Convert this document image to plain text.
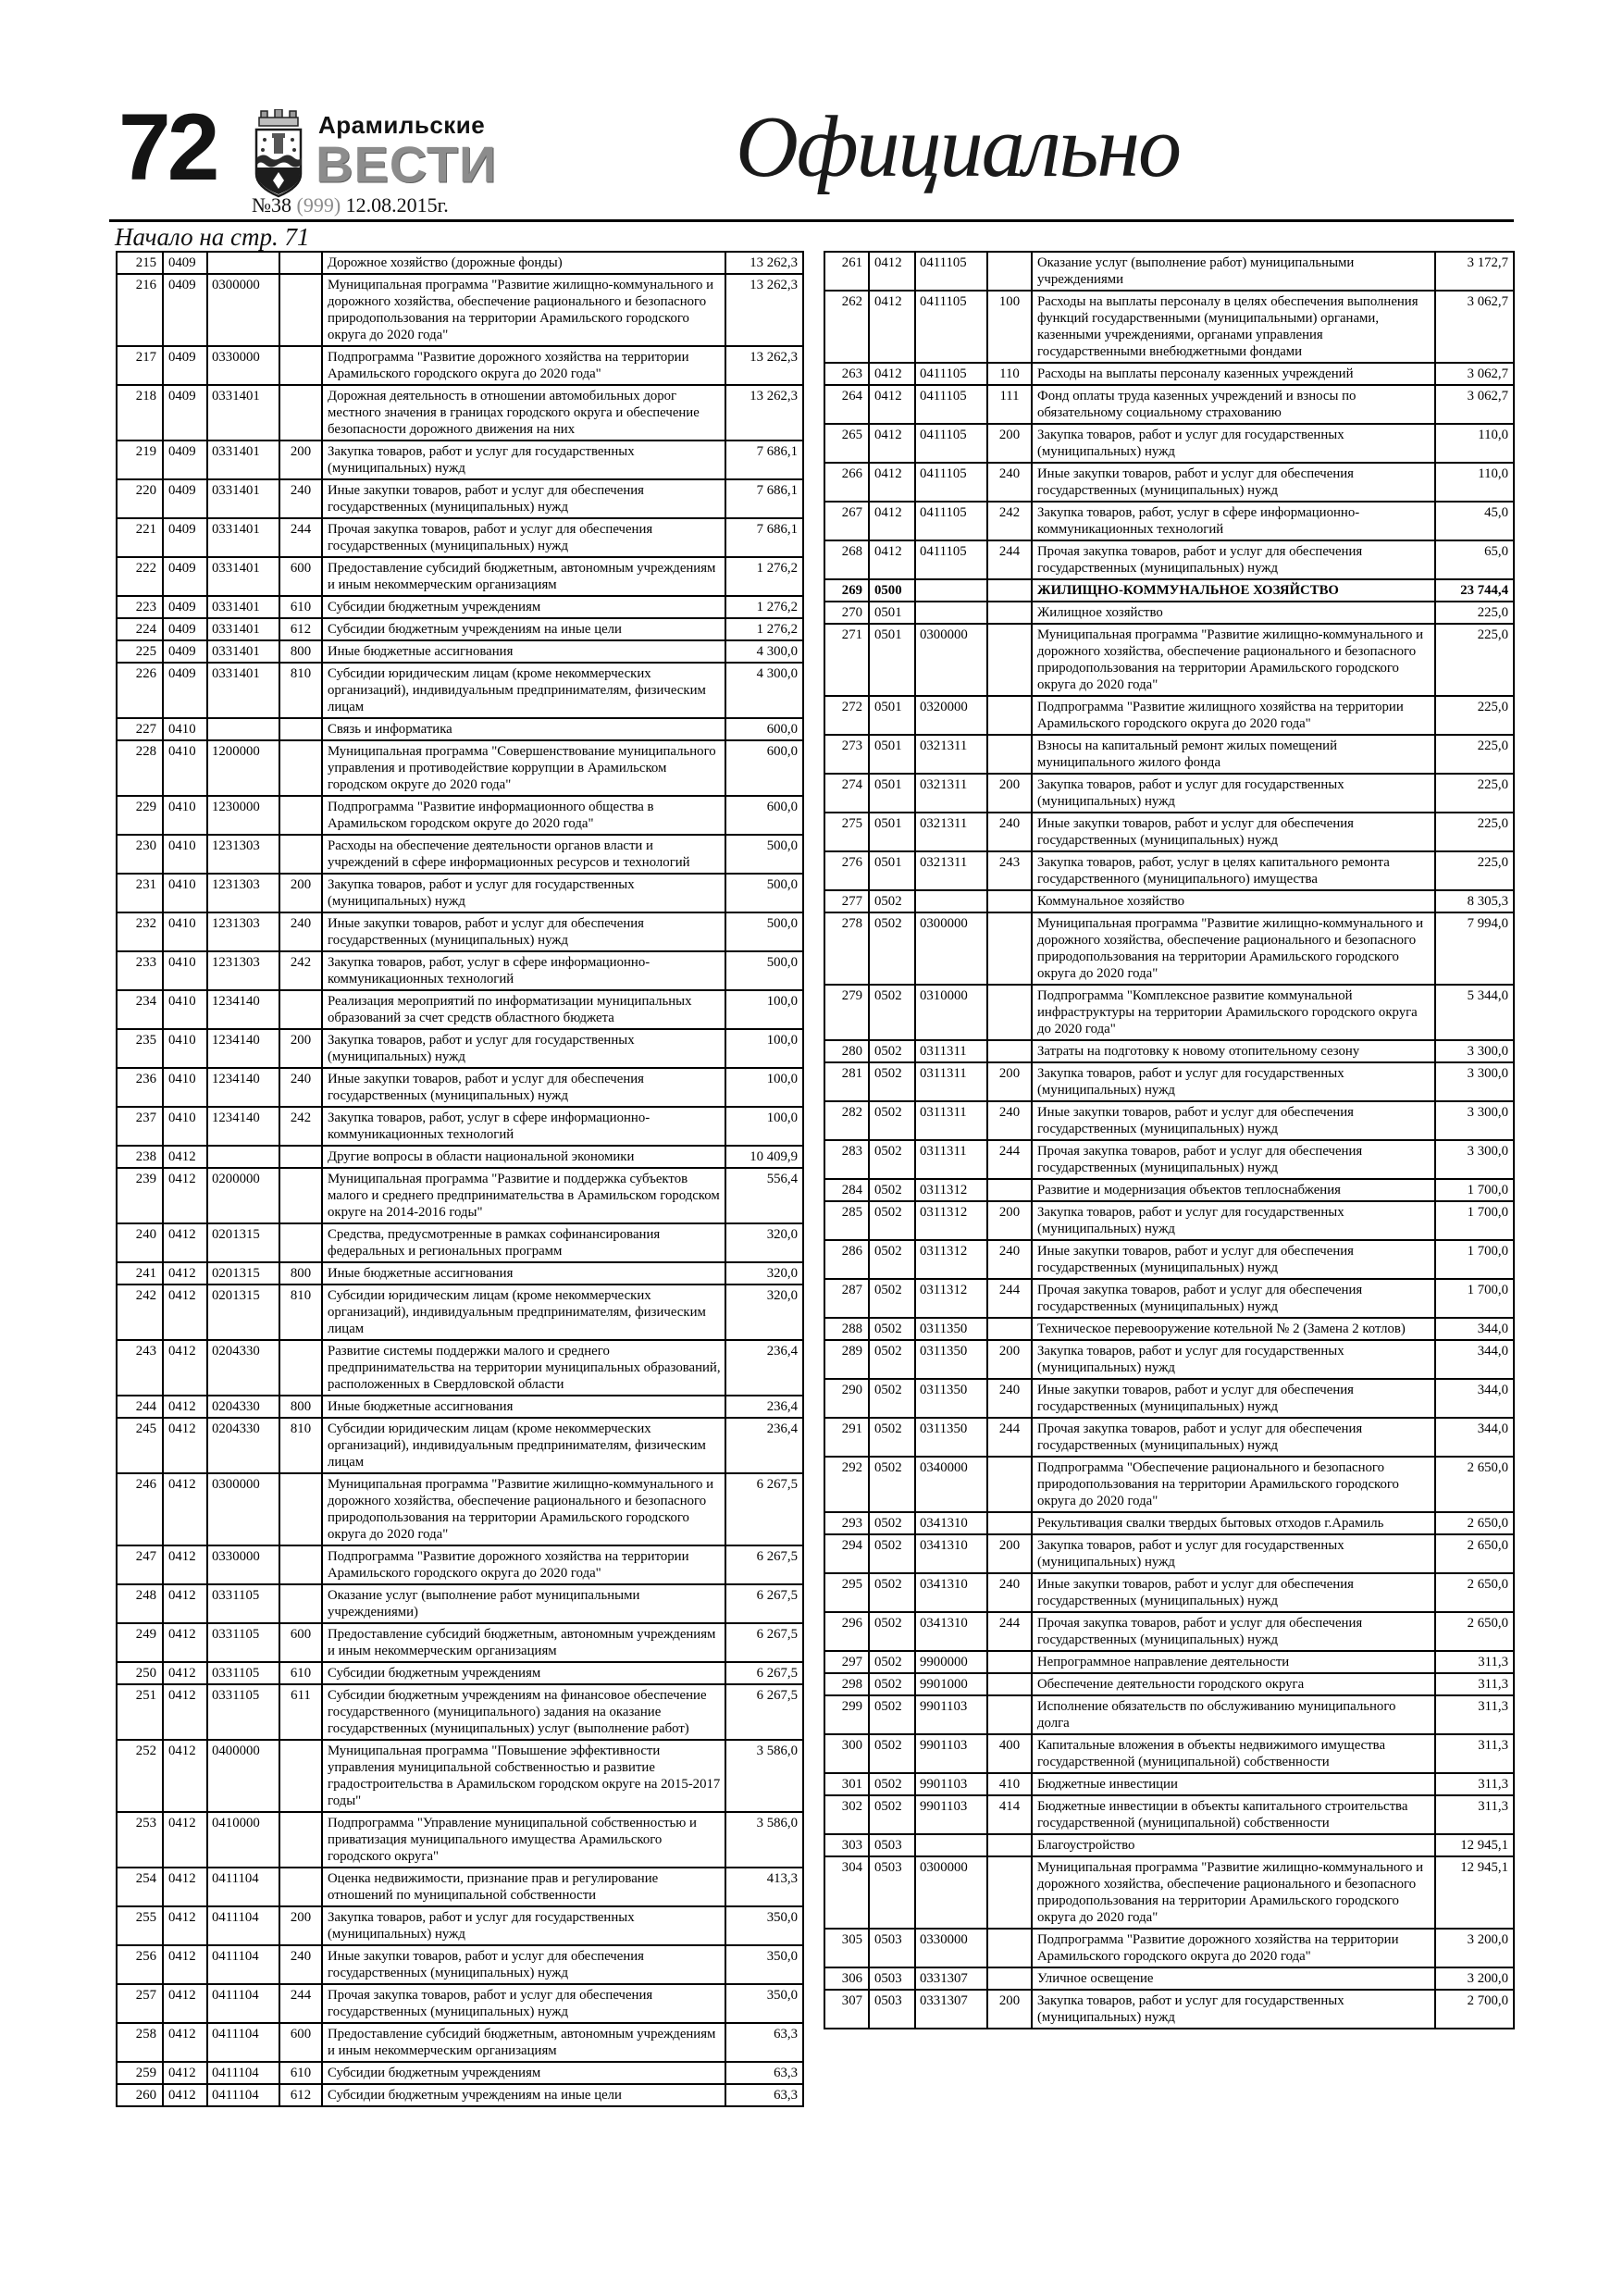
72	Арамильские
ВЕСТИ
№38 (999) 12.08.2015г.
Официально
Начало на стр. 71
215	0409			Дорожное хозяйство (дорожные фонды)	13 262,3
216	0409	0300000		Муниципальная программа "Развитие жилищно-коммунального и дорожного хозяйства, обеспечение рационального и безопасного природопользования на территории Арамильского городского округа до 2020 года"	13 262,3
217	0409	0330000		Подпрограмма "Развитие дорожного хозяйства на территории Арамильского городского округа до 2020 года"	13 262,3
218	0409	0331401		Дорожная деятельность в отношении автомобильных дорог местного значения в границах городского округа и обеспечение безопасности дорожного движения на них	13 262,3
219	0409	0331401	200	Закупка товаров, работ и услуг для государственных (муниципальных) нужд	7 686,1
220	0409	0331401	240	Иные закупки товаров, работ и услуг для обеспечения государственных (муниципальных) нужд	7 686,1
221	0409	0331401	244	Прочая закупка товаров, работ и услуг для обеспечения государственных (муниципальных) нужд	7 686,1
222	0409	0331401	600	Предоставление субсидий бюджетным, автономным учреждениям и иным некоммерческим организациям	1 276,2
223	0409	0331401	610	Субсидии бюджетным учреждениям	1 276,2
224	0409	0331401	612	Субсидии бюджетным учреждениям на иные цели	1 276,2
225	0409	0331401	800	Иные бюджетные ассигнования	4 300,0
226	0409	0331401	810	Субсидии юридическим лицам (кроме некоммерческих организаций), индивидуальным предпринимателям, физическим лицам	4 300,0
227	0410			Связь и информатика	600,0
228	0410	1200000		Муниципальная программа "Совершенствование муниципального управления и противодействие коррупции в Арамильском городском округе до 2020 года"	600,0
229	0410	1230000		Подпрограмма "Развитие информационного общества в Арамильском городском округе до 2020 года"	600,0
230	0410	1231303		Расходы на обеспечение деятельности органов власти и учреждений в сфере информационных ресурсов и технологий	500,0
231	0410	1231303	200	Закупка товаров, работ и услуг для государственных (муниципальных) нужд	500,0
232	0410	1231303	240	Иные закупки товаров, работ и услуг для обеспечения государственных (муниципальных) нужд	500,0
233	0410	1231303	242	Закупка товаров, работ, услуг в сфере информационно-коммуникационных технологий	500,0
234	0410	1234140		Реализация мероприятий по информатизации муниципальных образований за счет средств областного бюджета	100,0
235	0410	1234140	200	Закупка товаров, работ и услуг для государственных (муниципальных) нужд	100,0
236	0410	1234140	240	Иные закупки товаров, работ и услуг для обеспечения государственных (муниципальных) нужд	100,0
237	0410	1234140	242	Закупка товаров, работ, услуг в сфере информационно-коммуникационных технологий	100,0
238	0412			Другие вопросы в области национальной экономики	10 409,9
239	0412	0200000		Муниципальная программа "Развитие и поддержка субъектов малого и среднего предпринимательства в Арамильском городском округе на 2014-2016 годы"	556,4
240	0412	0201315		Средства, предусмотренные в рамках софинансирования федеральных и региональных программ	320,0
241	0412	0201315	800	Иные бюджетные ассигнования	320,0
242	0412	0201315	810	Субсидии юридическим лицам (кроме некоммерческих организаций), индивидуальным предпринимателям, физическим лицам	320,0
243	0412	0204330		Развитие системы поддержки малого и среднего предпринимательства на территории муниципальных образований, расположенных в Свердловской области	236,4
244	0412	0204330	800	Иные бюджетные ассигнования	236,4
245	0412	0204330	810	Субсидии юридическим лицам (кроме некоммерческих организаций), индивидуальным предпринимателям, физическим лицам	236,4
246	0412	0300000		Муниципальная программа "Развитие жилищно-коммунального и дорожного хозяйства, обеспечение рационального и безопасного природопользования на территории Арамильского городского округа до 2020 года"	6 267,5
247	0412	0330000		Подпрограмма "Развитие дорожного хозяйства на территории Арамильского городского округа до 2020 года"	6 267,5
248	0412	0331105		Оказание услуг (выполнение работ муниципальными учреждениями)	6 267,5
249	0412	0331105	600	Предоставление субсидий бюджетным, автономным учреждениям и иным некоммерческим организациям	6 267,5
250	0412	0331105	610	Субсидии бюджетным учреждениям	6 267,5
251	0412	0331105	611	Субсидии бюджетным учреждениям на финансовое обеспечение государственного (муниципального) задания на оказание государственных (муниципальных) услуг (выполнение работ)	6 267,5
252	0412	0400000		Муниципальная программа "Повышение эффективности управления муниципальной собственностью и развитие градостроительства в Арамильском городском округе на 2015-2017 годы"	3 586,0
253	0412	0410000		Подпрограмма "Управление муниципальной собственностью и приватизация муниципального имущества Арамильского городского округа"	3 586,0
254	0412	0411104		Оценка недвижимости, признание прав и регулирование отношений по муниципальной собственности	413,3
255	0412	0411104	200	Закупка товаров, работ и услуг для государственных (муниципальных) нужд	350,0
256	0412	0411104	240	Иные закупки товаров, работ и услуг для обеспечения государственных (муниципальных) нужд	350,0
257	0412	0411104	244	Прочая закупка товаров, работ и услуг для обеспечения государственных (муниципальных) нужд	350,0
258	0412	0411104	600	Предоставление субсидий бюджетным, автономным учреждениям и иным некоммерческим организациям	63,3
259	0412	0411104	610	Субсидии бюджетным учреждениям	63,3
260	0412	0411104	612	Субсидии бюджетным учреждениям на иные цели	63,3
261	0412	0411105		Оказание услуг (выполнение работ) муниципальными учреждениями	3 172,7
262	0412	0411105	100	Расходы на выплаты персоналу в целях обеспечения выполнения функций государственными (муниципальными) органами, казенными учреждениями, органами управления государственными внебюджетными фондами	3 062,7
263	0412	0411105	110	Расходы на выплаты персоналу казенных учреждений	3 062,7
264	0412	0411105	111	Фонд оплаты труда казенных учреждений и взносы по обязательному социальному страхованию	3 062,7
265	0412	0411105	200	Закупка товаров, работ и услуг для государственных (муниципальных) нужд	110,0
266	0412	0411105	240	Иные закупки товаров, работ и услуг для обеспечения государственных (муниципальных) нужд	110,0
267	0412	0411105	242	Закупка товаров, работ, услуг в сфере информационно-коммуникационных технологий	45,0
268	0412	0411105	244	Прочая закупка товаров, работ и услуг для обеспечения государственных (муниципальных) нужд	65,0
269	0500			ЖИЛИЩНО-КОММУНАЛЬНОЕ ХОЗЯЙСТВО	23 744,4
270	0501			Жилищное хозяйство	225,0
271	0501	0300000		Муниципальная программа "Развитие жилищно-коммунального и дорожного хозяйства, обеспечение рационального и безопасного природопользования на территории Арамильского городского округа до 2020 года"	225,0
272	0501	0320000		Подпрограмма "Развитие жилищного хозяйства на территории Арамильского городского округа до 2020 года"	225,0
273	0501	0321311		Взносы на капитальный ремонт жилых помещений муниципального жилого фонда	225,0
274	0501	0321311	200	Закупка товаров, работ и услуг для государственных (муниципальных) нужд	225,0
275	0501	0321311	240	Иные закупки товаров, работ и услуг для обеспечения государственных (муниципальных) нужд	225,0
276	0501	0321311	243	Закупка товаров, работ, услуг в целях капитального ремонта государственного (муниципального) имущества	225,0
277	0502			Коммунальное хозяйство	8 305,3
278	0502	0300000		Муниципальная программа "Развитие жилищно-коммунального и дорожного хозяйства, обеспечение рационального и безопасного природопользования на территории Арамильского городского округа до 2020 года"	7 994,0
279	0502	0310000		Подпрограмма "Комплексное развитие коммунальной инфраструктуры на территории Арамильского городского округа до 2020 года"	5 344,0
280	0502	0311311		Затраты на подготовку к новому отопительному сезону	3 300,0
281	0502	0311311	200	Закупка товаров, работ и услуг для государственных (муниципальных) нужд	3 300,0
282	0502	0311311	240	Иные закупки товаров, работ и услуг для обеспечения государственных (муниципальных) нужд	3 300,0
283	0502	0311311	244	Прочая закупка товаров, работ и услуг для обеспечения государственных (муниципальных) нужд	3 300,0
284	0502	0311312		Развитие и модернизация объектов теплоснабжения	1 700,0
285	0502	0311312	200	Закупка товаров, работ и услуг для государственных (муниципальных) нужд	1 700,0
286	0502	0311312	240	Иные закупки товаров, работ и услуг для обеспечения государственных (муниципальных) нужд	1 700,0
287	0502	0311312	244	Прочая закупка товаров, работ и услуг для обеспечения государственных (муниципальных) нужд	1 700,0
288	0502	0311350		Техническое перевооружение котельной № 2 (Замена 2 котлов)	344,0
289	0502	0311350	200	Закупка товаров, работ и услуг для государственных (муниципальных) нужд	344,0
290	0502	0311350	240	Иные закупки товаров, работ и услуг для обеспечения государственных (муниципальных) нужд	344,0
291	0502	0311350	244	Прочая закупка товаров, работ и услуг для обеспечения государственных (муниципальных) нужд	344,0
292	0502	0340000		Подпрограмма "Обеспечение рационального и безопасного природопользования на территории Арамильского городского округа до 2020 года"	2 650,0
293	0502	0341310		Рекультивация свалки твердых бытовых отходов г.Арамиль	2 650,0
294	0502	0341310	200	Закупка товаров, работ и услуг для государственных (муниципальных) нужд	2 650,0
295	0502	0341310	240	Иные закупки товаров, работ и услуг для обеспечения государственных (муниципальных) нужд	2 650,0
296	0502	0341310	244	Прочая закупка товаров, работ и услуг для обеспечения государственных (муниципальных) нужд	2 650,0
297	0502	9900000		Непрограммное направление деятельности	311,3
298	0502	9901000		Обеспечение деятельности городского округа	311,3
299	0502	9901103		Исполнение обязательств по обслуживанию муниципального долга	311,3
300	0502	9901103	400	Капитальные вложения в объекты недвижимого имущества государственной (муниципальной) собственности	311,3
301	0502	9901103	410	Бюджетные инвестиции	311,3
302	0502	9901103	414	Бюджетные инвестиции в объекты капитального строительства государственной (муниципальной) собственности	311,3
303	0503			Благоустройство	12 945,1
304	0503	0300000		Муниципальная программа "Развитие жилищно-коммунального и дорожного хозяйства, обеспечение рационального и безопасного природопользования на территории Арамильского городского округа до 2020 года"	12 945,1
305	0503	0330000		Подпрограмма "Развитие дорожного хозяйства на территории Арамильского городского округа до 2020 года"	3 200,0
306	0503	0331307		Уличное освещение	3 200,0
307	0503	0331307	200	Закупка товаров, работ и услуг для государственных (муниципальных) нужд	2 700,0
